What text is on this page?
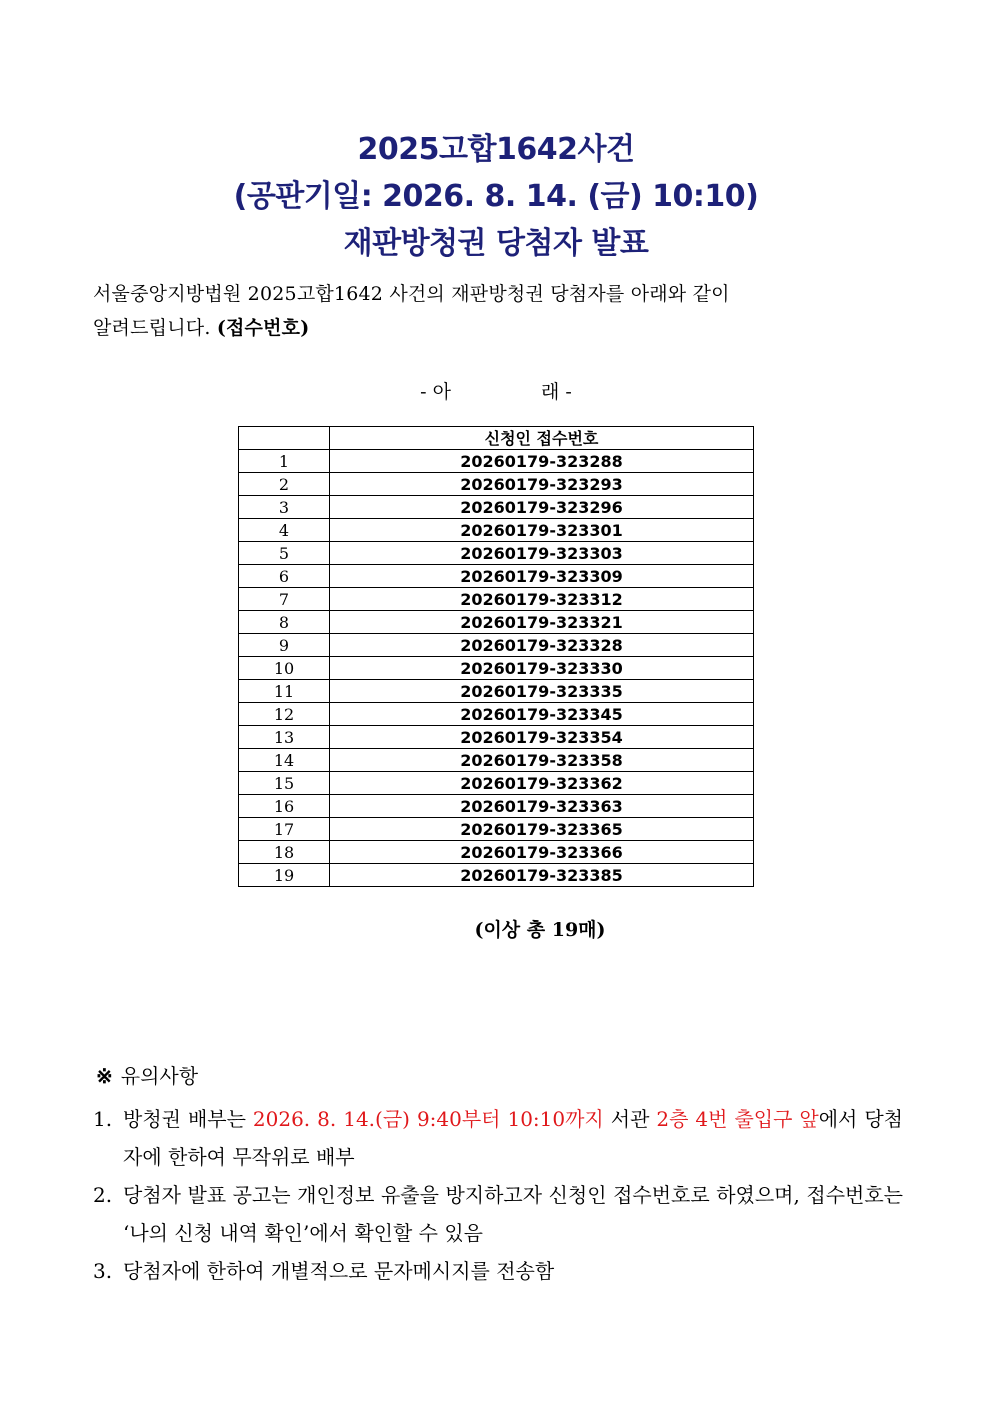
2025고합1642사건
(공판기일: 2026. 8. 14. (금) 10:10)
재판방청권 당첨자 발표
서울중앙지방법원 2025고합1642 사건의 재판방청권 당첨자를 아래와 같이
알려드립니다. (접수번호)
- 아	래 -
	신청인 접수번호
1	20260179-323288
2	20260179-323293
3	20260179-323296
4	20260179-323301
5	20260179-323303
6	20260179-323309
7	20260179-323312
8	20260179-323321
9	20260179-323328
10	20260179-323330
11	20260179-323335
12	20260179-323345
13	20260179-323354
14	20260179-323358
15	20260179-323362
16	20260179-323363
17	20260179-323365
18	20260179-323366
19	20260179-323385
(이상 총 19매)
※ 유의사항
1. 방청권 배부는 2026. 8. 14.(금) 9:40부터 10:10까지 서관 2층 4번 출입구 앞에서 당첨자에 한하여 무작위로 배부
2. 당첨자 발표 공고는 개인정보 유출을 방지하고자 신청인 접수번호로 하였으며, 접수번호는 ‘나의 신청 내역 확인’에서 확인할 수 있음
3. 당첨자에 한하여 개별적으로 문자메시지를 전송함
